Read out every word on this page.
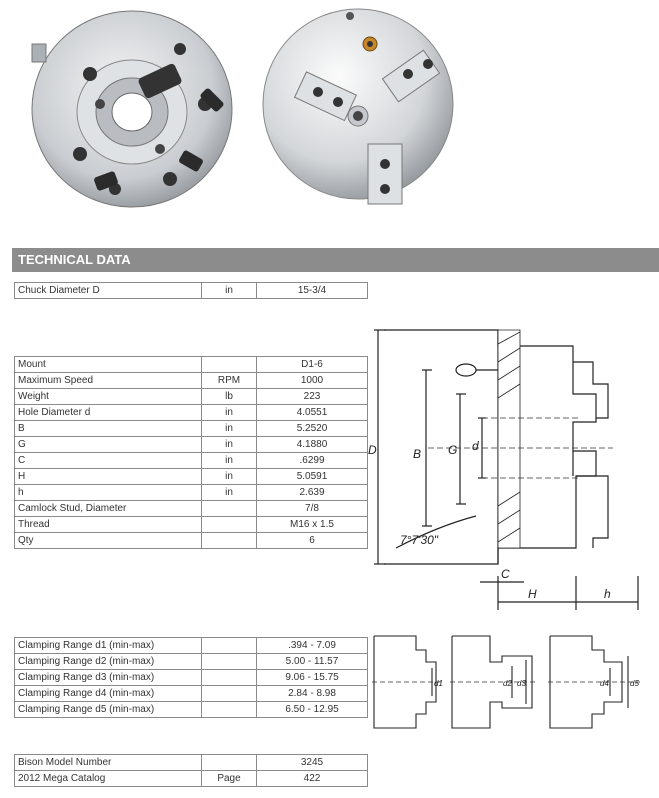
TECHNICAL DATA
Chuck Diameter D	in	15-3/4
Mount		D1-6
Maximum Speed	RPM	1000
Weight	lb	223
Hole Diameter d	in	4.0551
B	in	5.2520
G	in	4.1880
C	in	.6299
H	in	5.0591
h	in	2.639
Camlock Stud, Diameter		7/8
Thread		M16 x 1.5
Qty		6
D	B G d
C
H	h
7°7'30"
Clamping Range d1 (min-max)		.394 - 7.09
Clamping Range d2 (min-max)		5.00 - 11.57
Clamping Range d3 (min-max)		9.06 - 15.75
Clamping Range d4 (min-max)		2.84 - 8.98
Clamping Range d5 (min-max)		6.50 - 12.95
d1	d2 d3	d4	d5
Bison Model Number		3245
2012 Mega Catalog	Page	422
